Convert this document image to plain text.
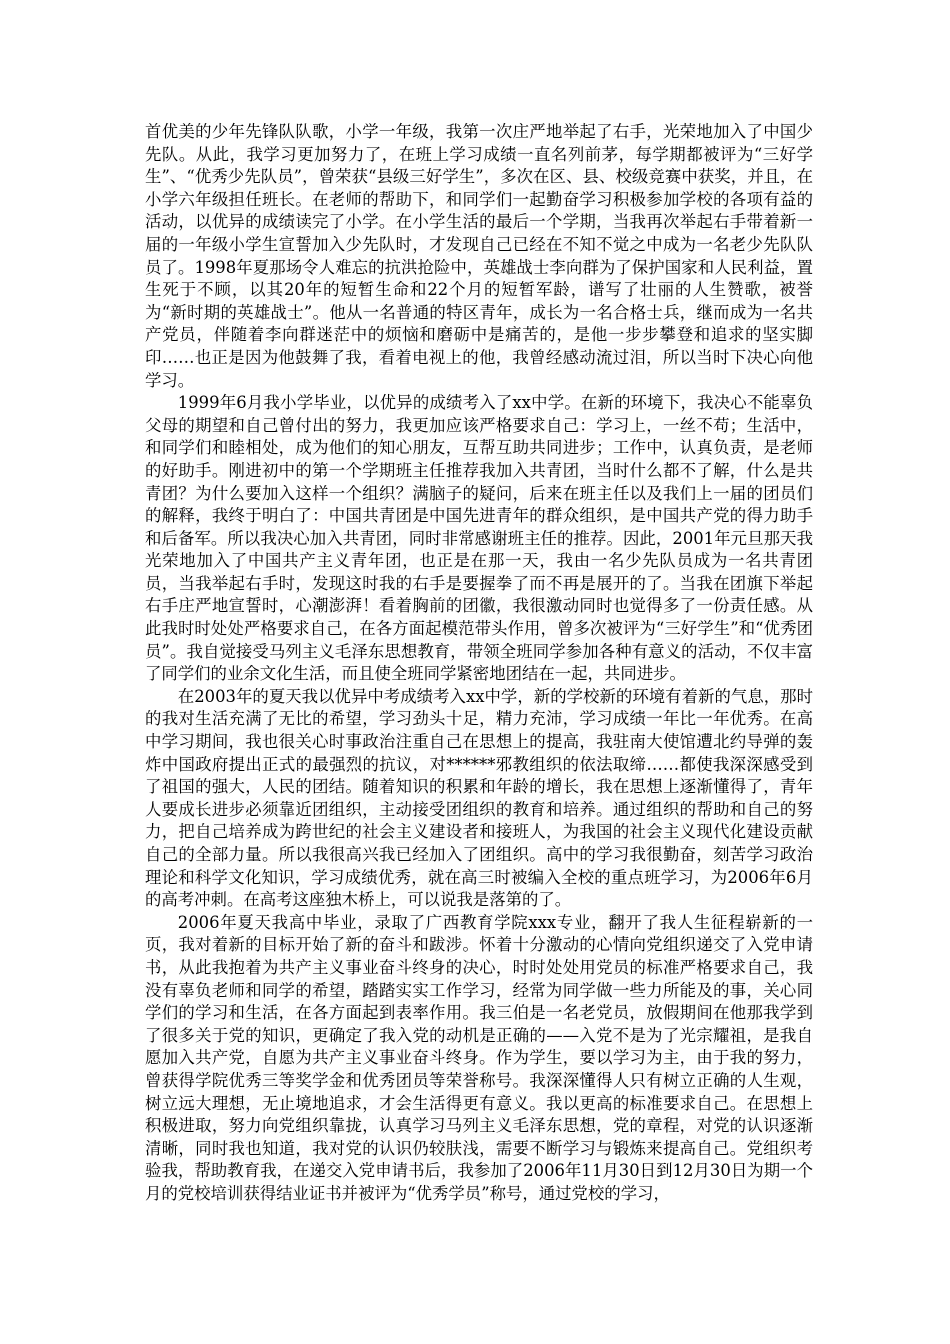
首优美的少年先锋队队歌，小学一年级，我第一次庄严地举起了右手，光荣地加入了中国少先队。从此，我学习更加努力了，在班上学习成绩一直名列前茅，每学期都被评为“三好学生”、“优秀少先队员”，曾荣获“县级三好学生”，多次在区、县、校级竞赛中获奖，并且，在小学六年级担任班长。在老师的帮助下，和同学们一起勤奋学习积极参加学校的各项有益的活动，以优异的成绩读完了小学。在小学生活的最后一个学期，当我再次举起右手带着新一届的一年级小学生宣誓加入少先队时，才发现自己已经在不知不觉之中成为一名老少先队队员了。1998年夏那场令人难忘的抗洪抢险中，英雄战士李向群为了保护国家和人民利益，置生死于不顾，以其20年的短暂生命和22个月的短暂军龄，谱写了壮丽的人生赞歌，被誉为“新时期的英雄战士”。他从一名普通的特区青年，成长为一名合格士兵，继而成为一名共产党员，伴随着李向群迷茫中的烦恼和磨砺中是痛苦的，是他一步步攀登和追求的坚实脚印……也正是因为他鼓舞了我，看着电视上的他，我曾经感动流过泪，所以当时下决心向他学习。

1999年6月我小学毕业，以优异的成绩考入了xx中学。在新的环境下，我决心不能辜负父母的期望和自己曾付出的努力，我更加应该严格要求自己：学习上，一丝不苟；生活中，和同学们和睦相处，成为他们的知心朋友，互帮互助共同进步；工作中，认真负责，是老师的好助手。刚进初中的第一个学期班主任推荐我加入共青团，当时什么都不了解，什么是共青团？为什么要加入这样一个组织？满脑子的疑问，后来在班主任以及我们上一届的团员们的解释，我终于明白了：中国共青团是中国先进青年的群众组织，是中国共产党的得力助手和后备军。所以我决心加入共青团，同时非常感谢班主任的推荐。因此，2001年元旦那天我光荣地加入了中国共产主义青年团，也正是在那一天，我由一名少先队员成为一名共青团员，当我举起右手时，发现这时我的右手是要握拳了而不再是展开的了。当我在团旗下举起右手庄严地宣誓时，心潮澎湃！看着胸前的团徽，我很激动同时也觉得多了一份责任感。从此我时时处处严格要求自己，在各方面起模范带头作用，曾多次被评为“三好学生”和“优秀团员”。我自觉接受马列主义毛泽东思想教育，带领全班同学参加各种有意义的活动，不仅丰富了同学们的业余文化生活，而且使全班同学紧密地团结在一起，共同进步。

在2003年的夏天我以优异中考成绩考入xx中学，新的学校新的环境有着新的气息，那时的我对生活充满了无比的希望，学习劲头十足，精力充沛，学习成绩一年比一年优秀。在高中学习期间，我也很关心时事政治注重自己在思想上的提高，我驻南大使馆遭北约导弹的轰炸中国政府提出正式的最强烈的抗议，对******邪教组织的依法取缔……都使我深深感受到了祖国的强大，人民的团结。随着知识的积累和年龄的增长，我在思想上逐渐懂得了，青年人要成长进步必须靠近团组织，主动接受团组织的教育和培养。通过组织的帮助和自己的努力，把自己培养成为跨世纪的社会主义建设者和接班人，为我国的社会主义现代化建设贡献自己的全部力量。所以我很高兴我已经加入了团组织。高中的学习我很勤奋，刻苦学习政治理论和科学文化知识，学习成绩优秀，就在高三时被编入全校的重点班学习，为2006年6月的高考冲刺。在高考这座独木桥上，可以说我是落第的了。

2006年夏天我高中毕业，录取了广西教育学院xxx专业，翻开了我人生征程崭新的一页，我对着新的目标开始了新的奋斗和跋涉。怀着十分激动的心情向党组织递交了入党申请书，从此我抱着为共产主义事业奋斗终身的决心，时时处处用党员的标准严格要求自己，我没有辜负老师和同学的希望，踏踏实实工作学习，经常为同学做一些力所能及的事，关心同学们的学习和生活，在各方面起到表率作用。我三伯是一名老党员，放假期间在他那我学到了很多关于党的知识，更确定了我入党的动机是正确的——入党不是为了光宗耀祖，是我自愿加入共产党，自愿为共产主义事业奋斗终身。作为学生，要以学习为主，由于我的努力，曾获得学院优秀三等奖学金和优秀团员等荣誉称号。我深深懂得人只有树立正确的人生观，树立远大理想，无止境地追求，才会生活得更有意义。我以更高的标准要求自己。在思想上积极进取，努力向党组织靠拢，认真学习马列主义毛泽东思想，党的章程，对党的认识逐渐清晰，同时我也知道，我对党的认识仍较肤浅，需要不断学习与锻炼来提高自己。党组织考验我，帮助教育我，在递交入党申请书后，我参加了2006年11月30日到12月30日为期一个月的党校培训获得结业证书并被评为“优秀学员”称号，通过党校的学习，
